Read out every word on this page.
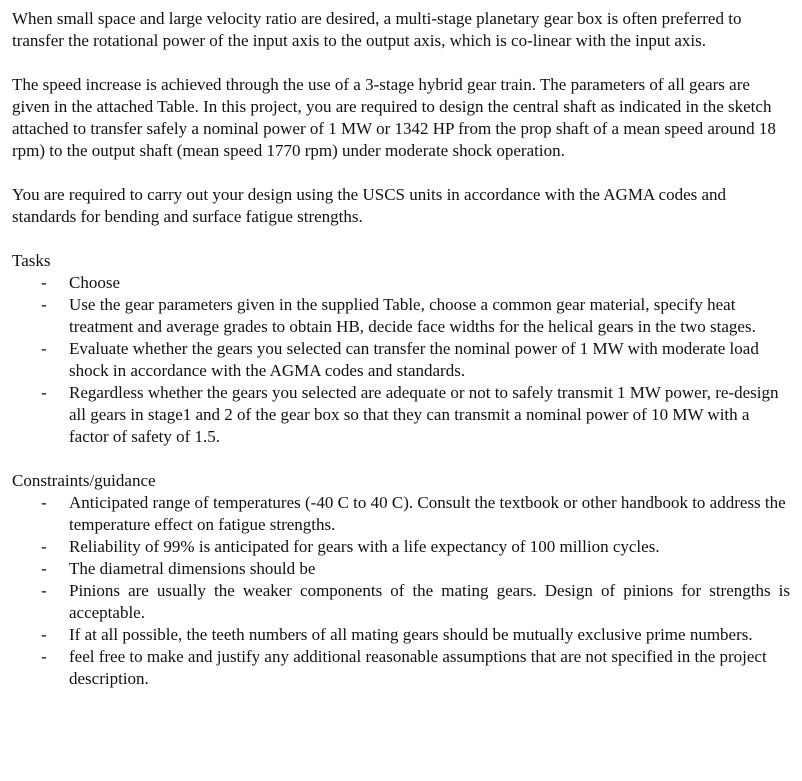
When small space and large velocity ratio are desired, a multi-stage planetary gear box is often preferred to transfer the rotational power of the input axis to the output axis, which is co-linear with the input axis.

The speed increase is achieved through the use of a 3-stage hybrid gear train. The parameters of all gears are given in the attached Table. In this project, you are required to design the central shaft as indicated in the sketch attached to transfer safely a nominal power of 1 MW or 1342 HP from the prop shaft of a mean speed around 18 rpm) to the output shaft (mean speed 1770 rpm) under moderate shock operation.

You are required to carry out your design using the USCS units in accordance with the AGMA codes and standards for bending and surface fatigue strengths.

Tasks

- Choose
- Use the gear parameters given in the supplied Table, choose a common gear material, specify heat treatment and average grades to obtain HB, decide face widths for the helical gears in the two stages.
- Evaluate whether the gears you selected can transfer the nominal power of 1 MW with moderate load shock in accordance with the AGMA codes and standards.
- Regardless whether the gears you selected are adequate or not to safely transmit 1 MW power, re-design all gears in stage1 and 2 of the gear box so that they can transmit a nominal power of 10 MW with a factor of safety of 1.5.

Constraints/guidance

- Anticipated range of temperatures (-40 C to 40 C). Consult the textbook or other handbook to address the temperature effect on fatigue strengths.
- Reliability of 99% is anticipated for gears with a life expectancy of 100 million cycles.
- The diametral dimensions should be
- Pinions are usually the weaker components of the mating gears. Design of pinions for strengths is acceptable.
- If at all possible, the teeth numbers of all mating gears should be mutually exclusive prime numbers.
- feel free to make and justify any additional reasonable assumptions that are not specified in the project description.
